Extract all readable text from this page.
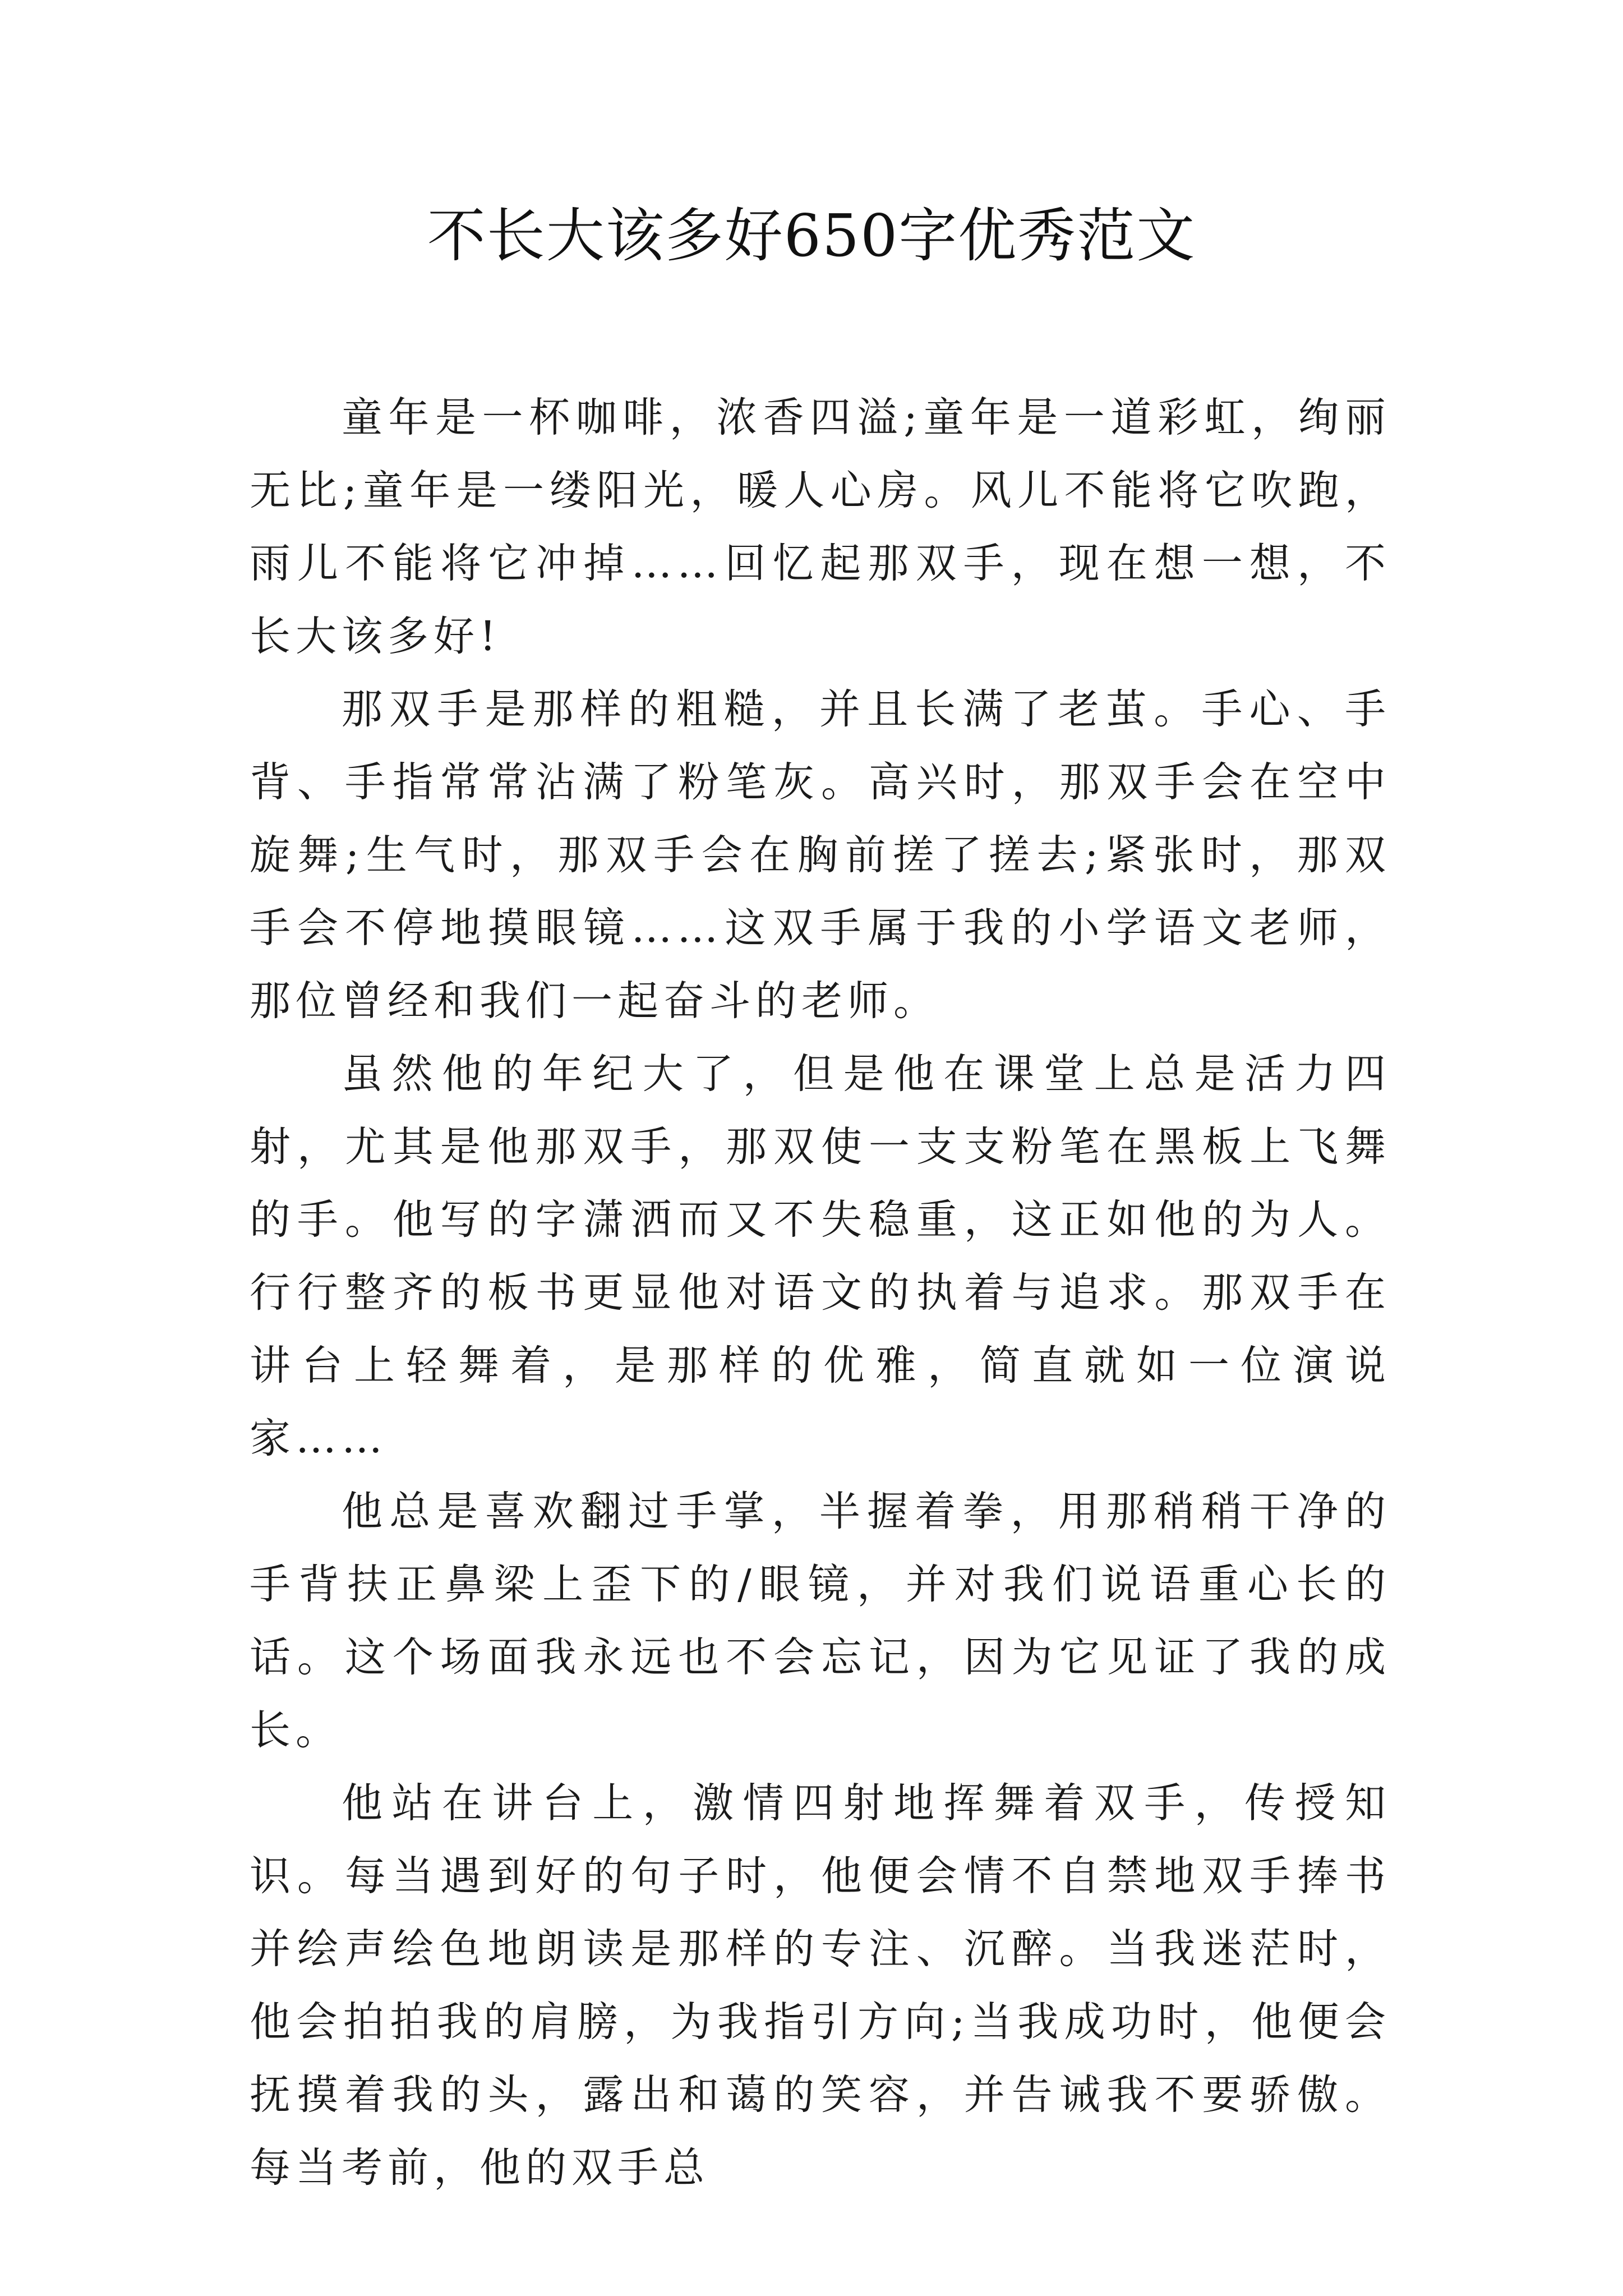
不长大该多好650字优秀范文

童年是一杯咖啡，浓香四溢;童年是一道彩虹，绚丽无比;童年是一缕阳光，暖人心房。风儿不能将它吹跑，雨儿不能将它冲掉……回忆起那双手，现在想一想，不长大该多好!

那双手是那样的粗糙，并且长满了老茧。手心、手背、手指常常沾满了粉笔灰。高兴时，那双手会在空中旋舞;生气时，那双手会在胸前搓了搓去;紧张时，那双手会不停地摸眼镜……这双手属于我的小学语文老师，那位曾经和我们一起奋斗的老师。

虽然他的年纪大了，但是他在课堂上总是活力四射，尤其是他那双手，那双使一支支粉笔在黑板上飞舞的手。他写的字潇洒而又不失稳重，这正如他的为人。行行整齐的板书更显他对语文的执着与追求。那双手在讲台上轻舞着，是那样的优雅，简直就如一位演说家……

他总是喜欢翻过手掌，半握着拳，用那稍稍干净的手背扶正鼻梁上歪下的/眼镜，并对我们说语重心长的话。这个场面我永远也不会忘记，因为它见证了我的成长。

他站在讲台上，激情四射地挥舞着双手，传授知识。每当遇到好的句子时，他便会情不自禁地双手捧书并绘声绘色地朗读是那样的专注、沉醉。当我迷茫时，他会拍拍我的肩膀，为我指引方向;当我成功时，他便会抚摸着我的头，露出和蔼的笑容，并告诫我不要骄傲。每当考前，他的双手总
